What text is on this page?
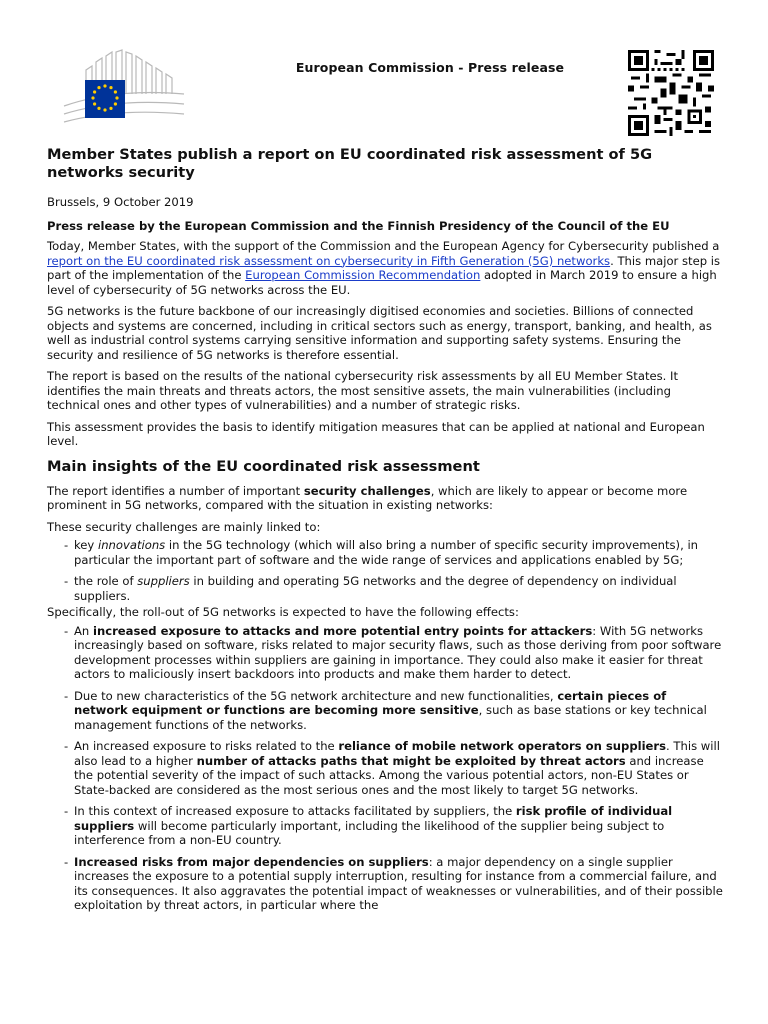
European Commission - Press release
Member States publish a report on EU coordinated risk assessment of 5G networks security
Brussels, 9 October 2019
Press release by the European Commission and the Finnish Presidency of the Council of the EU

Today, Member States, with the support of the Commission and the European Agency for Cybersecurity published a report on the EU coordinated risk assessment on cybersecurity in Fifth Generation (5G) networks. This major step is part of the implementation of the European Commission Recommendation adopted in March 2019 to ensure a high level of cybersecurity of 5G networks across the EU.

5G networks is the future backbone of our increasingly digitised economies and societies. Billions of connected objects and systems are concerned, including in critical sectors such as energy, transport, banking, and health, as well as industrial control systems carrying sensitive information and supporting safety systems. Ensuring the security and resilience of 5G networks is therefore essential.

The report is based on the results of the national cybersecurity risk assessments by all EU Member States. It identifies the main threats and threats actors, the most sensitive assets, the main vulnerabilities (including technical ones and other types of vulnerabilities) and a number of strategic risks.

This assessment provides the basis to identify mitigation measures that can be applied at national and European level.

Main insights of the EU coordinated risk assessment

The report identifies a number of important security challenges, which are likely to appear or become more prominent in 5G networks, compared with the situation in existing networks:

These security challenges are mainly linked to:

- key innovations in the 5G technology (which will also bring a number of specific security improvements), in particular the important part of software and the wide range of services and applications enabled by 5G;
- the role of suppliers in building and operating 5G networks and the degree of dependency on individual suppliers.

Specifically, the roll-out of 5G networks is expected to have the following effects:

- An increased exposure to attacks and more potential entry points for attackers: With 5G networks increasingly based on software, risks related to major security flaws, such as those deriving from poor software development processes within suppliers are gaining in importance. They could also make it easier for threat actors to maliciously insert backdoors into products and make them harder to detect.
- Due to new characteristics of the 5G network architecture and new functionalities, certain pieces of network equipment or functions are becoming more sensitive, such as base stations or key technical management functions of the networks.
- An increased exposure to risks related to the reliance of mobile network operators on suppliers. This will also lead to a higher number of attacks paths that might be exploited by threat actors and increase the potential severity of the impact of such attacks. Among the various potential actors, non-EU States or State-backed are considered as the most serious ones and the most likely to target 5G networks.
- In this context of increased exposure to attacks facilitated by suppliers, the risk profile of individual suppliers will become particularly important, including the likelihood of the supplier being subject to interference from a non-EU country.
- Increased risks from major dependencies on suppliers: a major dependency on a single supplier increases the exposure to a potential supply interruption, resulting for instance from a commercial failure, and its consequences. It also aggravates the potential impact of weaknesses or vulnerabilities, and of their possible exploitation by threat actors, in particular where the
